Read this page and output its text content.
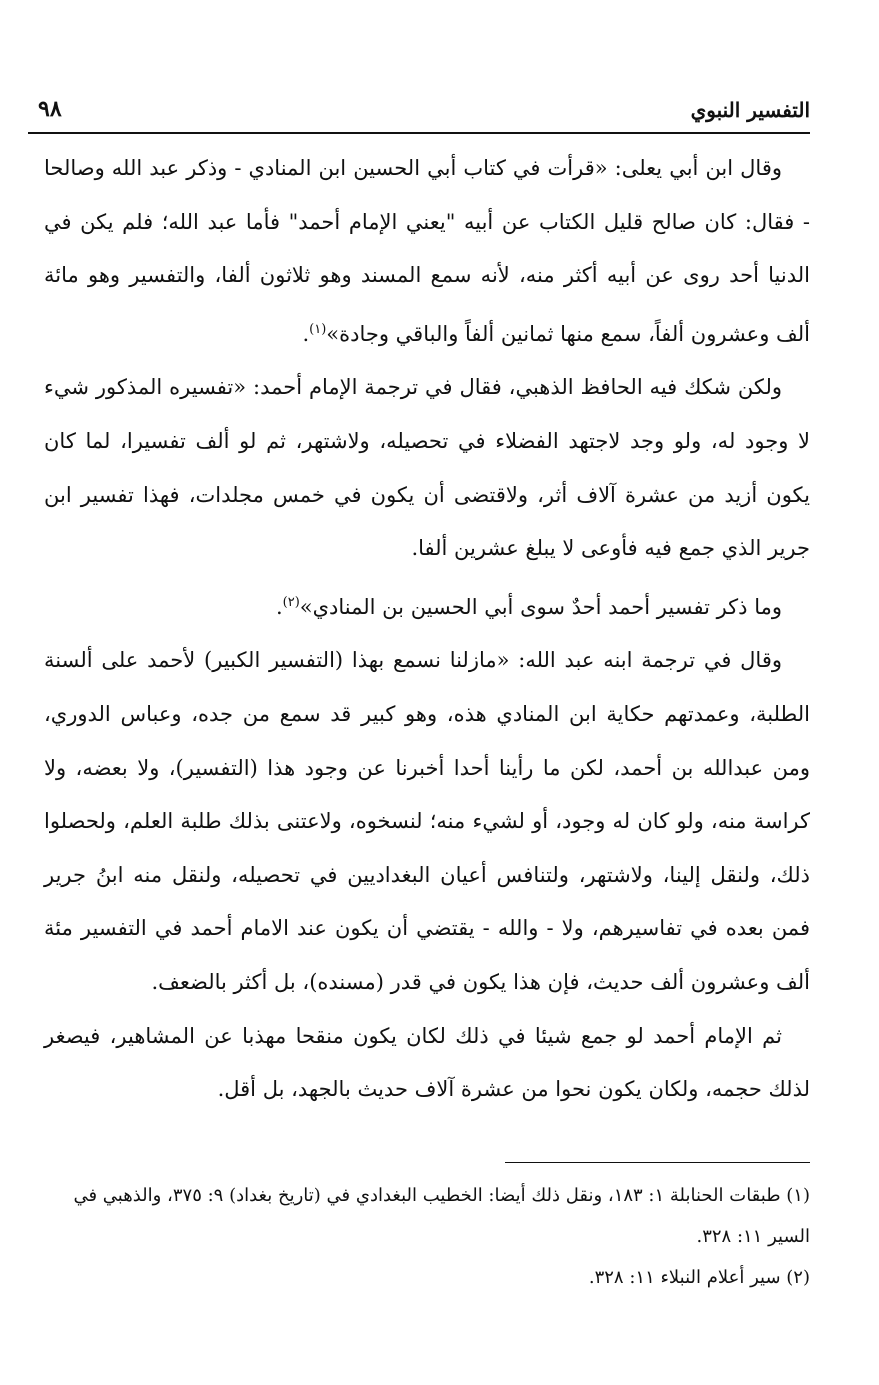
التفسير النبوي
٩٨

وقال ابن أبي يعلى: «قرأت في كتاب أبي الحسين ابن المنادي - وذكر عبد الله وصالحا - فقال: كان صالح قليل الكتاب عن أبيه "يعني الإمام أحمد" فأما عبد الله؛ فلم يكن في الدنيا أحد روى عن أبيه أكثر منه، لأنه سمع المسند وهو ثلاثون ألفا، والتفسير وهو مائة ألف وعشرون ألفاً، سمع منها ثمانين ألفاً والباقي وجادة»$^{(١)}$.

ولكن شكك فيه الحافظ الذهبي، فقال في ترجمة الإمام أحمد: «تفسيره المذكور شيء لا وجود له، ولو وجد لاجتهد الفضلاء في تحصيله، ولاشتهر، ثم لو ألف تفسيرا، لما كان يكون أزيد من عشرة آلاف أثر، ولاقتضى أن يكون في خمس مجلدات، فهذا تفسير ابن جرير الذي جمع فيه فأوعى لا يبلغ عشرين ألفا.

وما ذكر تفسير أحمد أحدٌ سوى أبي الحسين بن المنادي»$^{(٢)}$.

وقال في ترجمة ابنه عبد الله: «مازلنا نسمع بهذا (التفسير الكبير) لأحمد على ألسنة الطلبة، وعمدتهم حكاية ابن المنادي هذه، وهو كبير قد سمع من جده، وعباس الدوري، ومن عبدالله بن أحمد، لكن ما رأينا أحدا أخبرنا عن وجود هذا (التفسير)، ولا بعضه، ولا كراسة منه، ولو كان له وجود، أو لشيء منه؛ لنسخوه، ولاعتنى بذلك طلبة العلم، ولحصلوا ذلك، ولنقل إلينا، ولاشتهر، ولتنافس أعيان البغداديين في تحصيله، ولنقل منه ابنُ جرير فمن بعده في تفاسيرهم، ولا - والله - يقتضي أن يكون عند الامام أحمد في التفسير مئة ألف وعشرون ألف حديث، فإن هذا يكون في قدر (مسنده)، بل أكثر بالضعف.

ثم الإمام أحمد لو جمع شيئا في ذلك لكان يكون منقحا مهذبا عن المشاهير، فيصغر لذلك حجمه، ولكان يكون نحوا من عشرة آلاف حديث بالجهد، بل أقل.

(١) طبقات الحنابلة ١: ١٨٣، ونقل ذلك أيضا: الخطيب البغدادي في (تاريخ بغداد) ٩: ٣٧٥، والذهبي في السير ١١: ٣٢٨.

(٢) سير أعلام النبلاء ١١: ٣٢٨.
